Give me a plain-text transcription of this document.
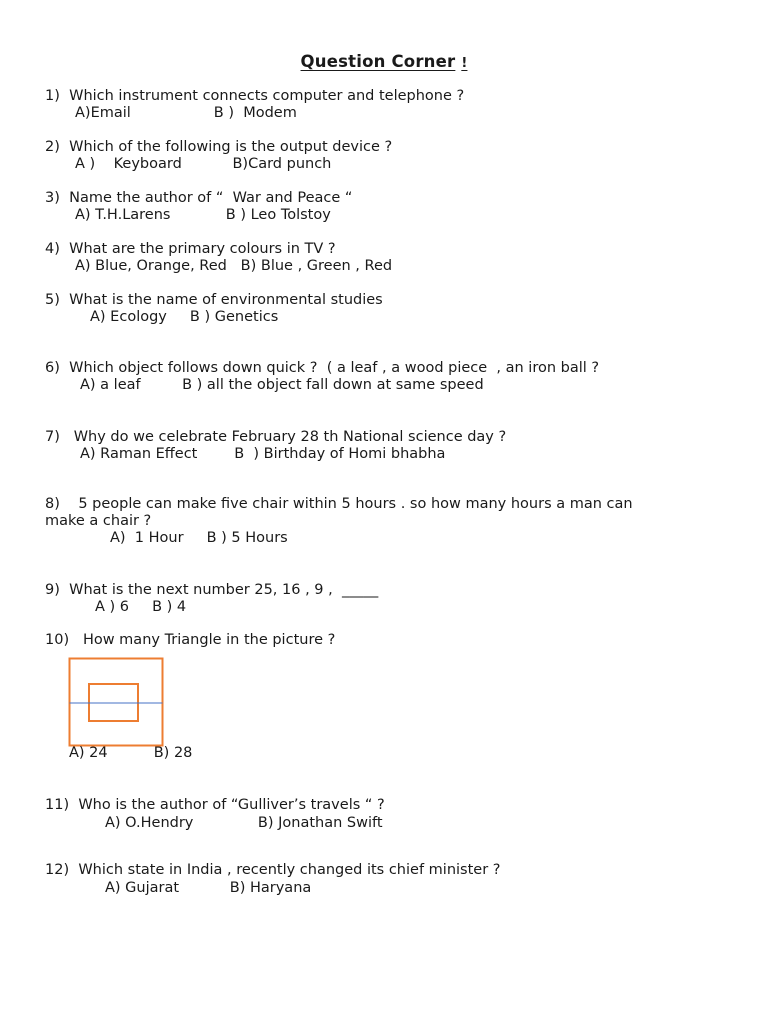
Question Corner !
1) Which instrument connects computer and telephone ?
A)Email                  B )  Modem
2) Which of the following is the output device ?
A )    Keyboard           B)Card punch
3) Name the author of “  War and Peace “
A) T.H.Larens            B ) Leo Tolstoy
4) What are the primary colours in TV ?
A) Blue, Orange, Red   B) Blue , Green , Red
5) What is the name of environmental studies
A) Ecology     B ) Genetics
6) Which object follows down quick ?  ( a leaf , a wood piece  , an iron ball ?
A) a leaf         B ) all the object fall down at same speed
7) Why do we celebrate February 28 th National science day ?
A) Raman Effect        B  ) Birthday of Homi bhabha
8) 5 people can make five chair within 5 hours . so how many hours a man can
make a chair ?
A)  1 Hour     B ) 5 Hours
9) What is the next number 25, 16 , 9 ,  _____
A ) 6     B ) 4
10) How many Triangle in the picture ?
A) 24          B) 28
11) Who is the author of “Gulliver’s travels “ ?
A) O.Hendry              B) Jonathan Swift
12) Which state in India , recently changed its chief minister ?
A) Gujarat           B) Haryana
